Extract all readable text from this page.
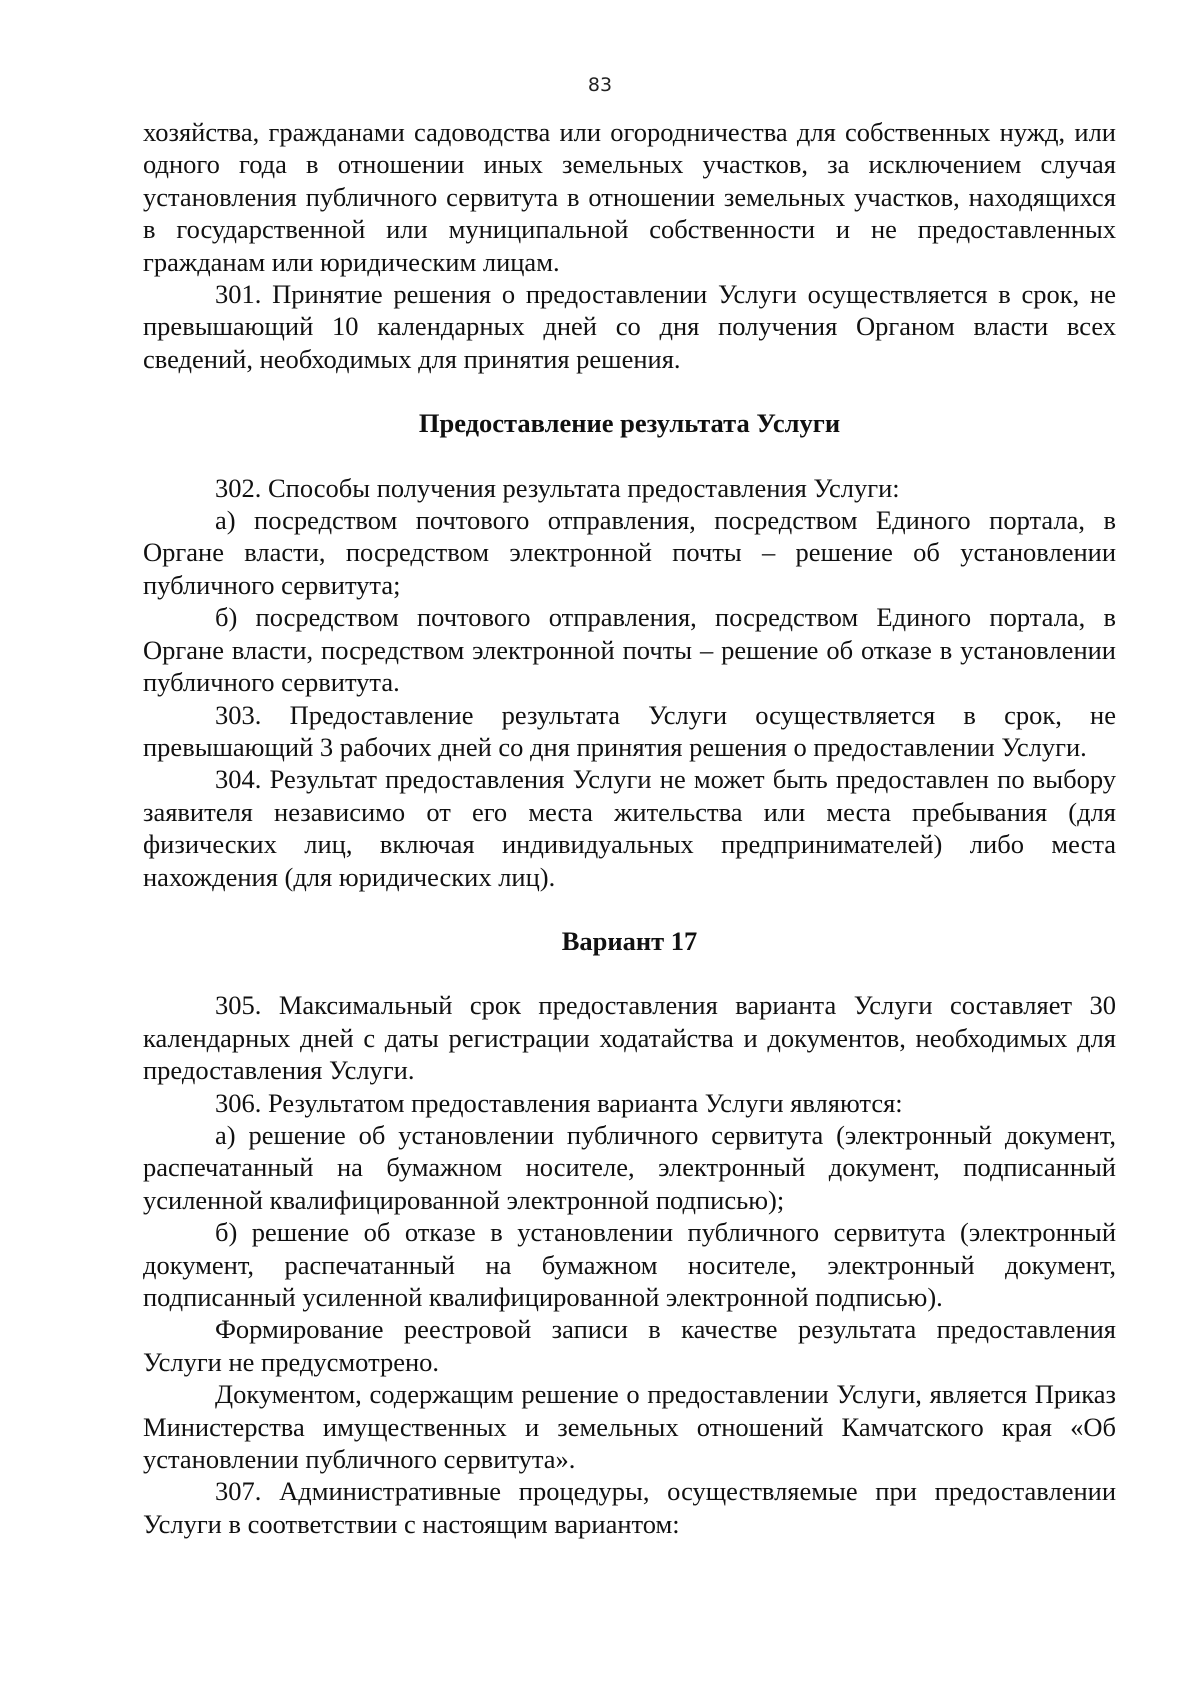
83

хозяйства, гражданами садоводства или огородничества для собственных нужд, или одного года в отношении иных земельных участков, за исключением случая установления публичного сервитута в отношении земельных участков, находящихся в государственной или муниципальной собственности и не предоставленных гражданам или юридическим лицам.

301. Принятие решения о предоставлении Услуги осуществляется в срок, не превышающий 10 календарных дней со дня получения Органом власти всех сведений, необходимых для принятия решения.

Предоставление результата Услуги

302. Способы получения результата предоставления Услуги:

а) посредством почтового отправления, посредством Единого портала, в Органе власти, посредством электронной почты – решение об установлении публичного сервитута;

б) посредством почтового отправления, посредством Единого портала, в Органе власти, посредством электронной почты – решение об отказе в установлении публичного сервитута.

303. Предоставление результата Услуги осуществляется в срок, не превышающий 3 рабочих дней со дня принятия решения о предоставлении Услуги.

304. Результат предоставления Услуги не может быть предоставлен по выбору заявителя независимо от его места жительства или места пребывания (для физических лиц, включая индивидуальных предпринимателей) либо места нахождения (для юридических лиц).

Вариант 17

305. Максимальный срок предоставления варианта Услуги составляет 30 календарных дней с даты регистрации ходатайства и документов, необходимых для предоставления Услуги.

306. Результатом предоставления варианта Услуги являются:

а) решение об установлении публичного сервитута (электронный документ, распечатанный на бумажном носителе, электронный документ, подписанный усиленной квалифицированной электронной подписью);

б) решение об отказе в установлении публичного сервитута (электронный документ, распечатанный на бумажном носителе, электронный документ, подписанный усиленной квалифицированной электронной подписью).

Формирование реестровой записи в качестве результата предоставления Услуги не предусмотрено.

Документом, содержащим решение о предоставлении Услуги, является Приказ Министерства имущественных и земельных отношений Камчатского края «Об установлении публичного сервитута».

307. Административные процедуры, осуществляемые при предоставлении Услуги в соответствии с настоящим вариантом:
